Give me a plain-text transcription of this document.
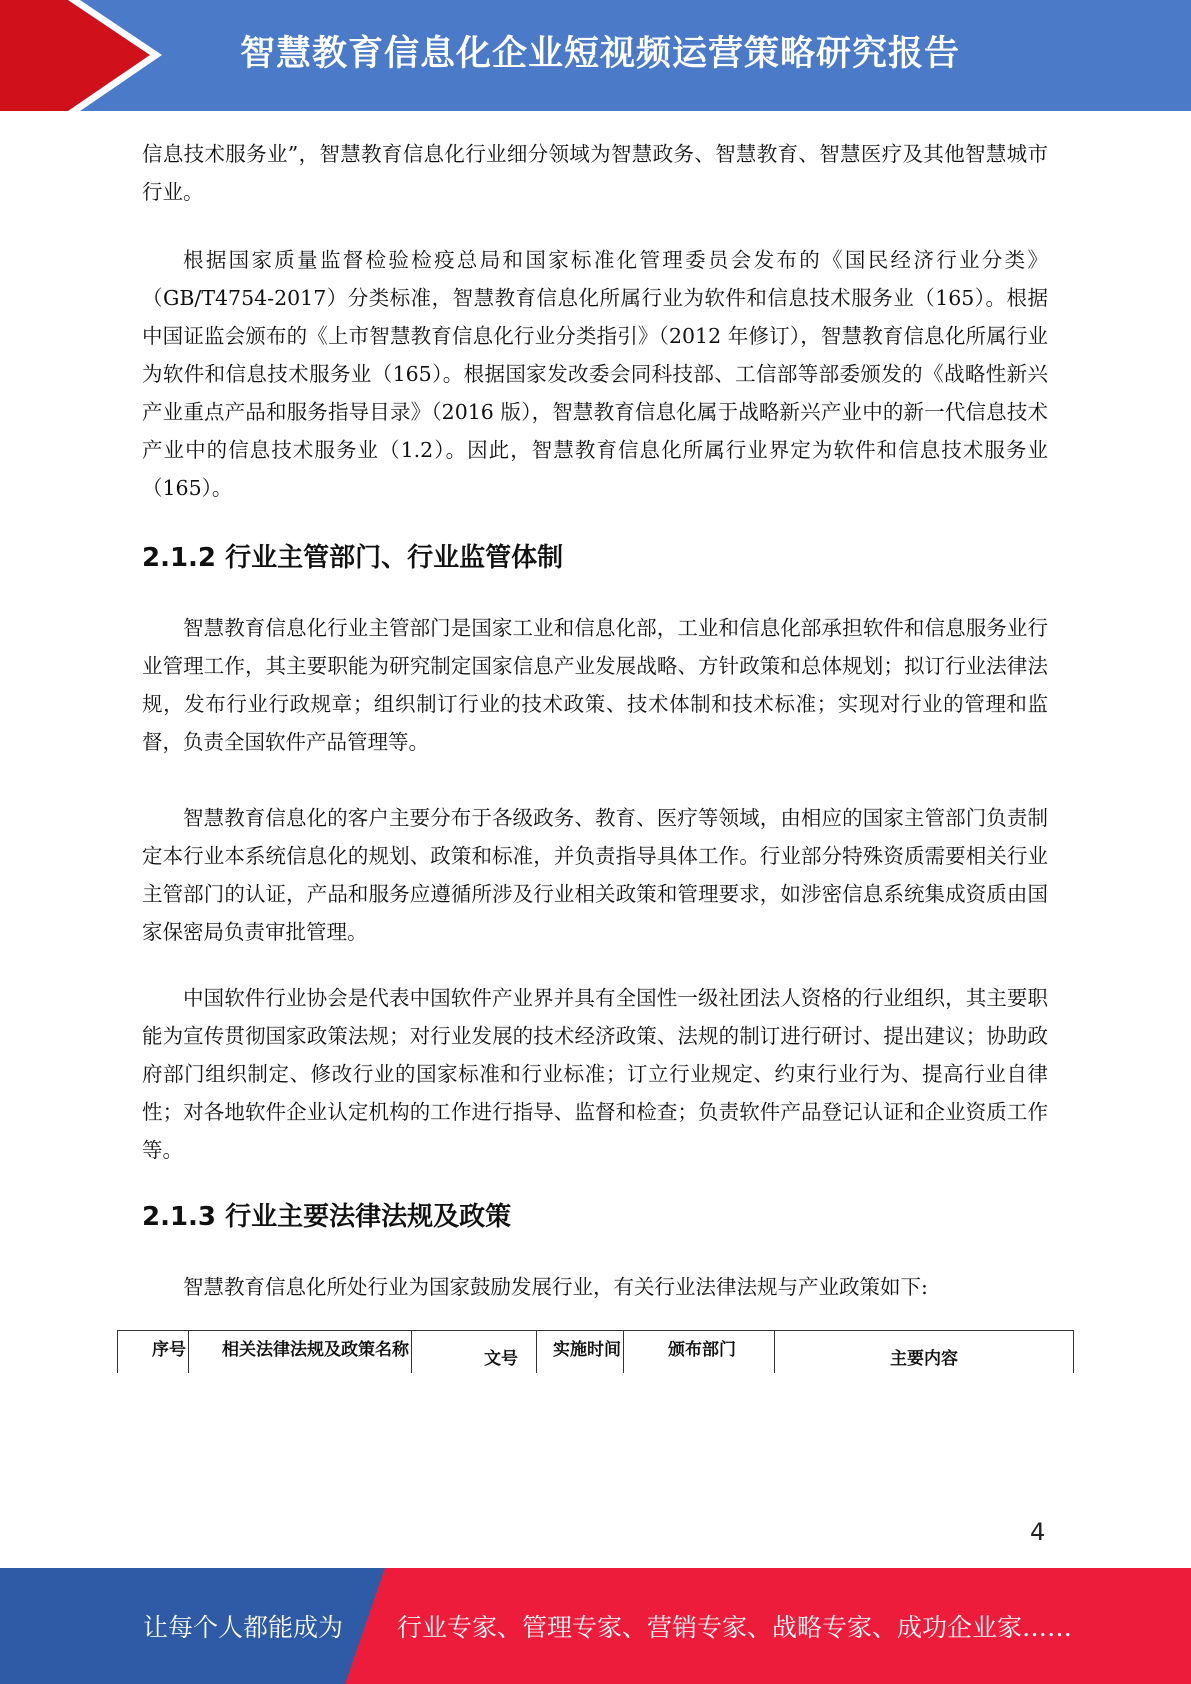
智慧教育信息化企业短视频运营策略研究报告

信息技术服务业”，智慧教育信息化行业细分领域为智慧政务、智慧教育、智慧医疗及其他智慧城市行业。

根据国家质量监督检验检疫总局和国家标准化管理委员会发布的《国民经济行业分类》（GB/T4754-2017）分类标准，智慧教育信息化所属行业为软件和信息技术服务业（165）。根据中国证监会颁布的《上市智慧教育信息化行业分类指引》（2012 年修订），智慧教育信息化所属行业为软件和信息技术服务业（165）。根据国家发改委会同科技部、工信部等部委颁发的《战略性新兴产业重点产品和服务指导目录》（2016 版），智慧教育信息化属于战略新兴产业中的新一代信息技术产业中的信息技术服务业（1.2）。因此，智慧教育信息化所属行业界定为软件和信息技术服务业（165）。

2.1.2 行业主管部门、行业监管体制

智慧教育信息化行业主管部门是国家工业和信息化部，工业和信息化部承担软件和信息服务业行业管理工作，其主要职能为研究制定国家信息产业发展战略、方针政策和总体规划；拟订行业法律法规，发布行业行政规章；组织制订行业的技术政策、技术体制和技术标准；实现对行业的管理和监督，负责全国软件产品管理等。

智慧教育信息化的客户主要分布于各级政务、教育、医疗等领域，由相应的国家主管部门负责制定本行业本系统信息化的规划、政策和标准，并负责指导具体工作。行业部分特殊资质需要相关行业主管部门的认证，产品和服务应遵循所涉及行业相关政策和管理要求，如涉密信息系统集成资质由国家保密局负责审批管理。

中国软件行业协会是代表中国软件产业界并具有全国性一级社团法人资格的行业组织，其主要职能为宣传贯彻国家政策法规；对行业发展的技术经济政策、法规的制订进行研讨、提出建议；协助政府部门组织制定、修改行业的国家标准和行业标准；订立行业规定、约束行业行为、提高行业自律性；对各地软件企业认定机构的工作进行指导、监督和检查；负责软件产品登记认证和企业资质工作等。

2.1.3 行业主要法律法规及政策

智慧教育信息化所处行业为国家鼓励发展行业，有关行业法律法规与产业政策如下:

序号	相关法律法规及政策名称	文号	实施时间	颁布部门	主要内容
4
让每个人都能成为 行业专家、管理专家、营销专家、战略专家、成功企业家……
